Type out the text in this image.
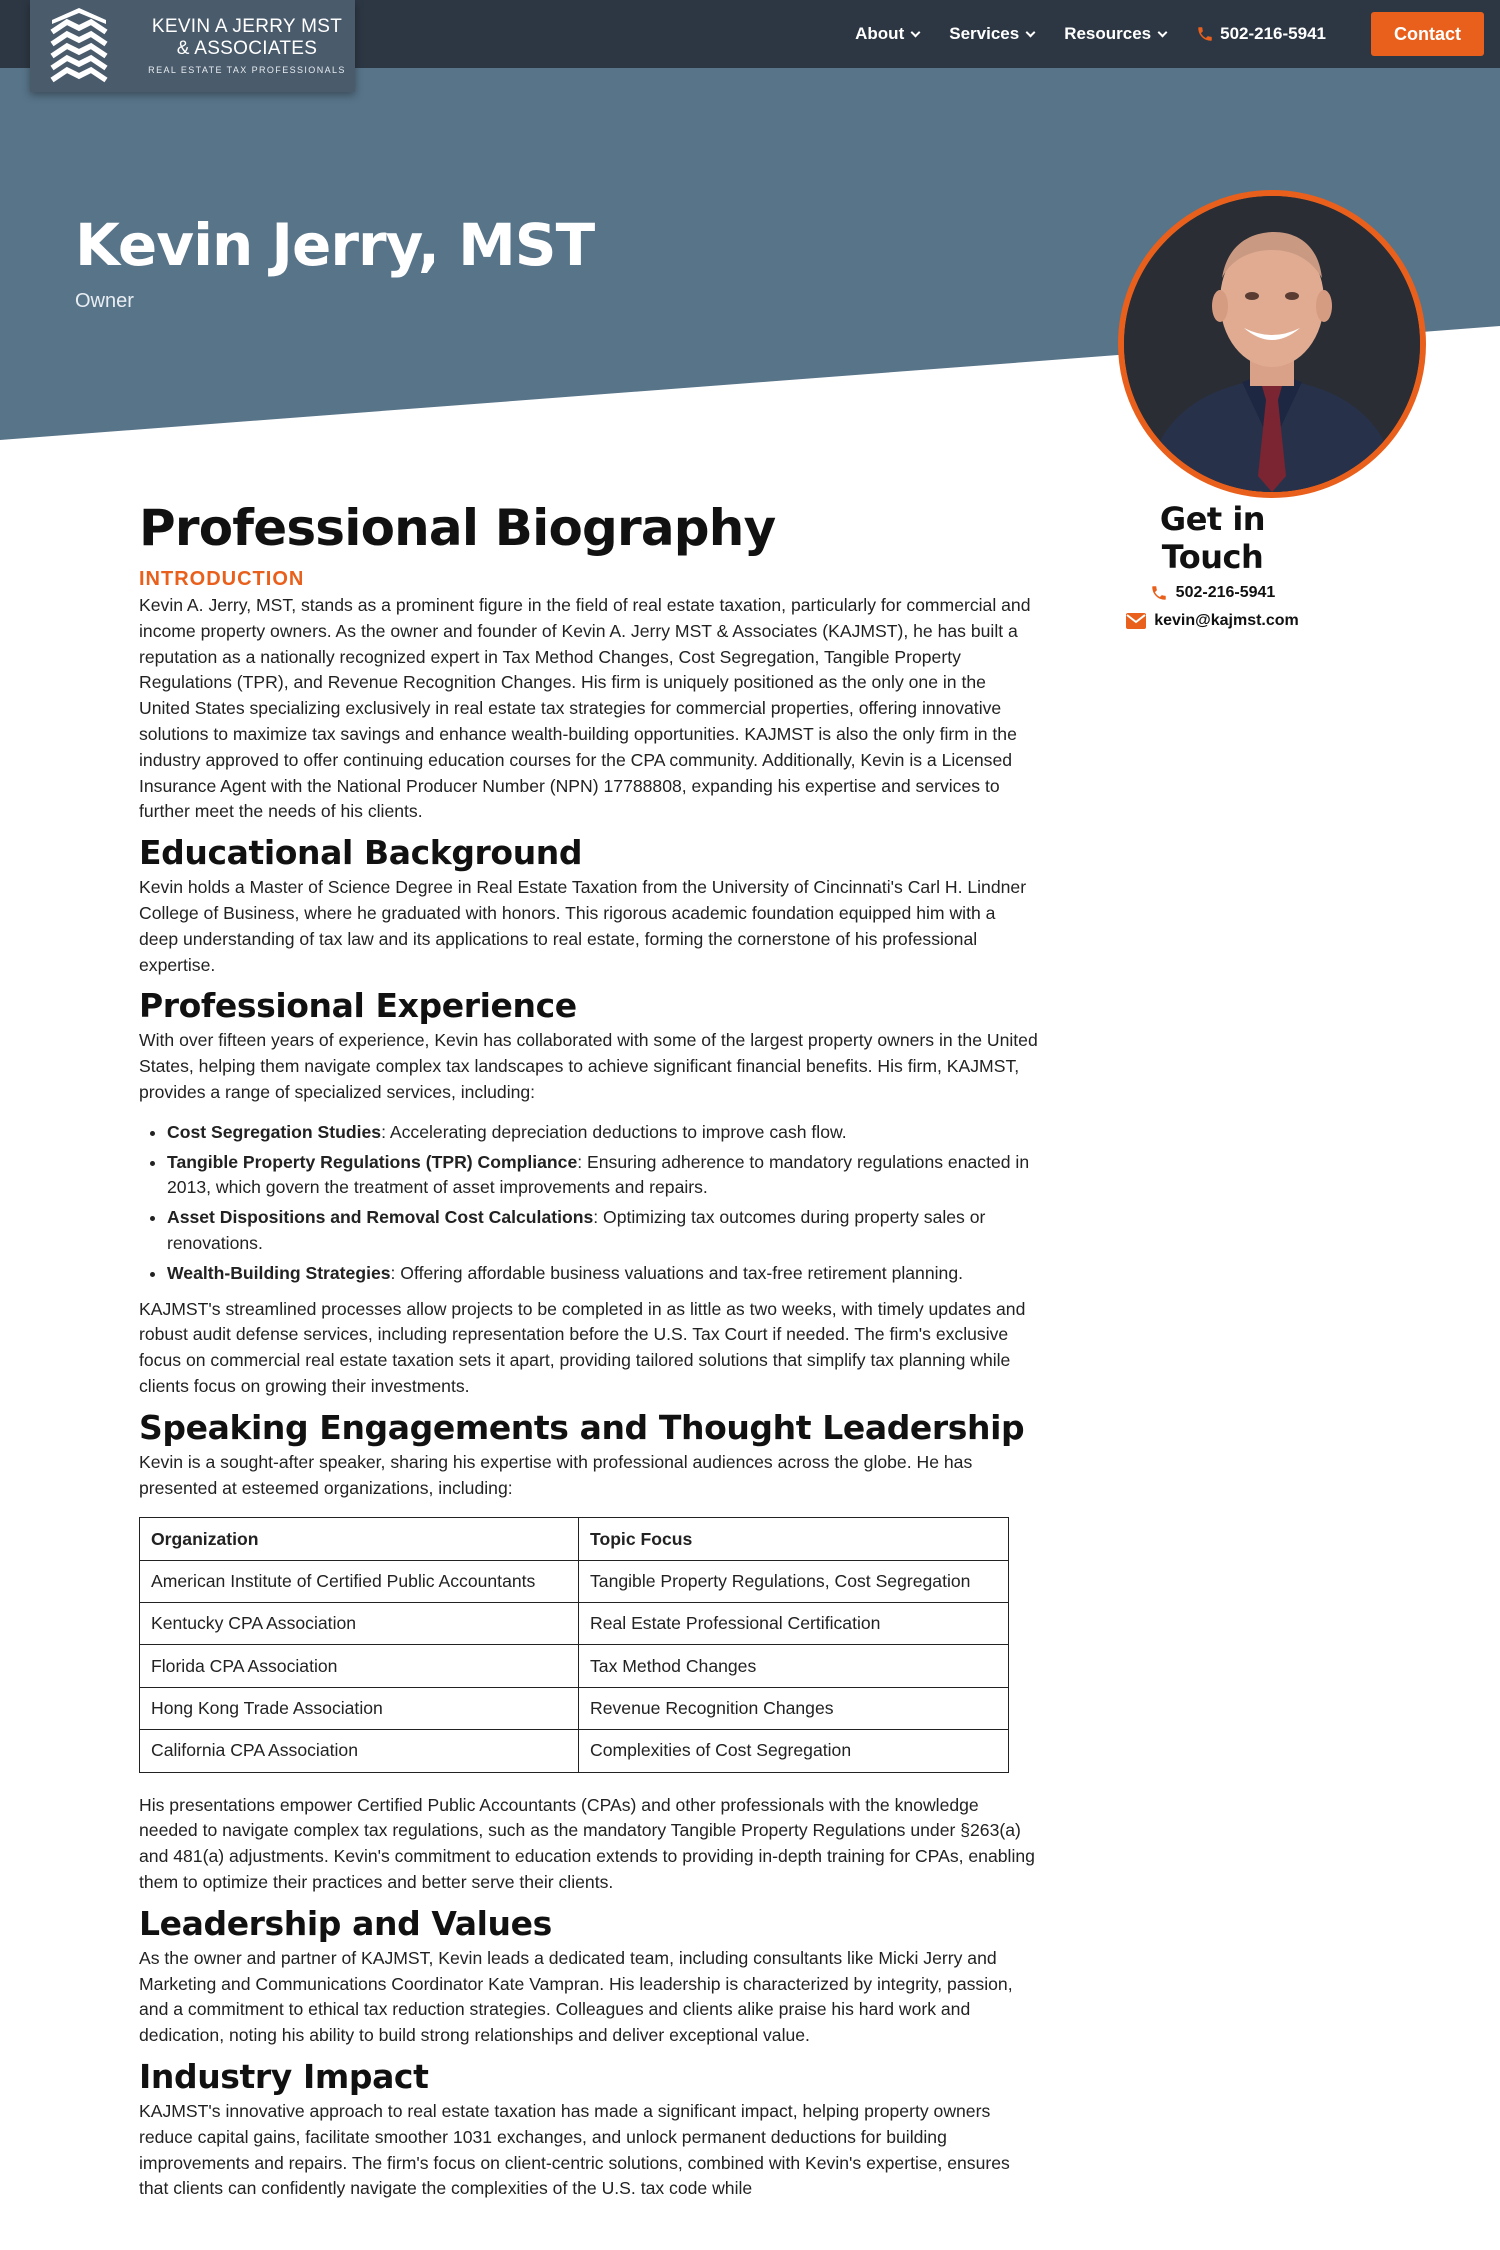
About	Services	Resources	502-216-5941	Contact
KEVIN A JERRY MST
& ASSOCIATES
REAL ESTATE TAX PROFESSIONALS
Kevin Jerry, MST
Owner
Professional Biography
INTRODUCTION

Kevin A. Jerry, MST, stands as a prominent figure in the field of real estate taxation, particularly for commercial and income property owners. As the owner and founder of Kevin A. Jerry MST & Associates (KAJMST), he has built a reputation as a nationally recognized expert in Tax Method Changes, Cost Segregation, Tangible Property Regulations (TPR), and Revenue Recognition Changes. His firm is uniquely positioned as the only one in the United States specializing exclusively in real estate tax strategies for commercial properties, offering innovative solutions to maximize tax savings and enhance wealth-building opportunities. KAJMST is also the only firm in the industry approved to offer continuing education courses for the CPA community. Additionally, Kevin is a Licensed Insurance Agent with the National Producer Number (NPN) 17788808, expanding his expertise and services to further meet the needs of his clients.

Educational Background

Kevin holds a Master of Science Degree in Real Estate Taxation from the University of Cincinnati's Carl H. Lindner College of Business, where he graduated with honors. This rigorous academic foundation equipped him with a deep understanding of tax law and its applications to real estate, forming the cornerstone of his professional expertise.

Professional Experience

With over fifteen years of experience, Kevin has collaborated with some of the largest property owners in the United States, helping them navigate complex tax landscapes to achieve significant financial benefits. His firm, KAJMST, provides a range of specialized services, including:

• Cost Segregation Studies: Accelerating depreciation deductions to improve cash flow.
• Tangible Property Regulations (TPR) Compliance: Ensuring adherence to mandatory regulations enacted in 2013, which govern the treatment of asset improvements and repairs.
• Asset Dispositions and Removal Cost Calculations: Optimizing tax outcomes during property sales or renovations.
• Wealth-Building Strategies: Offering affordable business valuations and tax-free retirement planning.

KAJMST's streamlined processes allow projects to be completed in as little as two weeks, with timely updates and robust audit defense services, including representation before the U.S. Tax Court if needed. The firm's exclusive focus on commercial real estate taxation sets it apart, providing tailored solutions that simplify tax planning while clients focus on growing their investments.

Speaking Engagements and Thought Leadership

Kevin is a sought-after speaker, sharing his expertise with professional audiences across the globe. He has presented at esteemed organizations, including:

Organization	Topic Focus
American Institute of Certified Public Accountants	Tangible Property Regulations, Cost Segregation
Kentucky CPA Association	Real Estate Professional Certification
Florida CPA Association	Tax Method Changes
Hong Kong Trade Association	Revenue Recognition Changes
California CPA Association	Complexities of Cost Segregation

His presentations empower Certified Public Accountants (CPAs) and other professionals with the knowledge needed to navigate complex tax regulations, such as the mandatory Tangible Property Regulations under §263(a) and 481(a) adjustments. Kevin's commitment to education extends to providing in-depth training for CPAs, enabling them to optimize their practices and better serve their clients.

Leadership and Values

As the owner and partner of KAJMST, Kevin leads a dedicated team, including consultants like Micki Jerry and Marketing and Communications Coordinator Kate Vampran. His leadership is characterized by integrity, passion, and a commitment to ethical tax reduction strategies. Colleagues and clients alike praise his hard work and dedication, noting his ability to build strong relationships and deliver exceptional value.

Industry Impact

KAJMST's innovative approach to real estate taxation has made a significant impact, helping property owners reduce capital gains, facilitate smoother 1031 exchanges, and unlock permanent deductions for building improvements and repairs. The firm's focus on client-centric solutions, combined with Kevin's expertise, ensures that clients can confidently navigate the complexities of the U.S. tax code while

Get in Touch
502-216-5941
kevin@kajmst.com
